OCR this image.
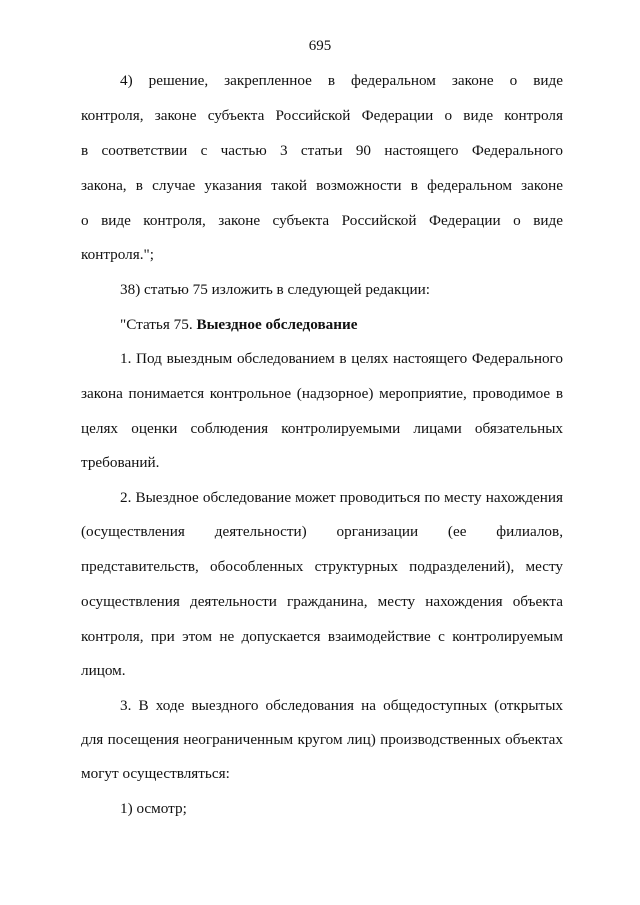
695
4) решение, закрепленное в федеральном законе о виде
контроля, законе субъекта Российской Федерации о виде контроля
в соответствии с частью 3 статьи 90 настоящего Федерального
закона, в случае указания такой возможности в федеральном законе
о виде контроля, законе субъекта Российской Федерации о виде
контроля.";
38) статью 75 изложить в следующей редакции:
"Статья 75. Выездное обследование
1. Под выездным обследованием в целях настоящего Федерального
закона понимается контрольное (надзорное) мероприятие, проводимое в
целях оценки соблюдения контролируемыми лицами обязательных
требований.
2. Выездное обследование может проводиться по месту нахождения
(осуществления деятельности) организации (ее филиалов,
представительств, обособленных структурных подразделений), месту
осуществления деятельности гражданина, месту нахождения объекта
контроля, при этом не допускается взаимодействие с контролируемым
лицом.
3. В ходе выездного обследования на общедоступных (открытых
для посещения неограниченным кругом лиц) производственных объектах
могут осуществляться:
1) осмотр;
